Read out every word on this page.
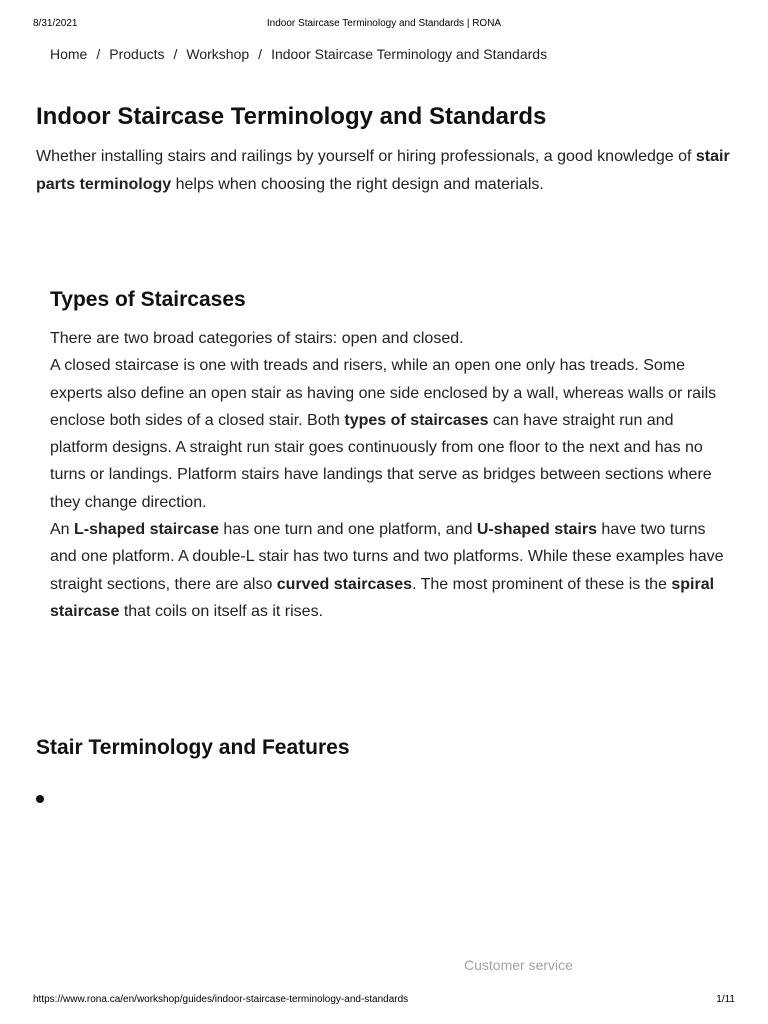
8/31/2021	Indoor Staircase Terminology and Standards | RONA
Home / Products / Workshop / Indoor Staircase Terminology and Standards
Indoor Staircase Terminology and Standards

Whether installing stairs and railings by yourself or hiring professionals, a good knowledge of stair parts terminology helps when choosing the right design and materials.

Types of Staircases

There are two broad categories of stairs: open and closed.

A closed staircase is one with treads and risers, while an open one only has treads. Some experts also define an open stair as having one side enclosed by a wall, whereas walls or rails enclose both sides of a closed stair. Both types of staircases can have straight run and platform designs. A straight run stair goes continuously from one floor to the next and has no turns or landings. Platform stairs have landings that serve as bridges between sections where they change direction.

An L-shaped staircase has one turn and one platform, and U-shaped stairs have two turns and one platform. A double-L stair has two turns and two platforms. While these examples have straight sections, there are also curved staircases. The most prominent of these is the spiral staircase that coils on itself as it rises.

Stair Terminology and Features
Customer service
https://www.rona.ca/en/workshop/guides/indoor-staircase-terminology-and-standards	1/11
